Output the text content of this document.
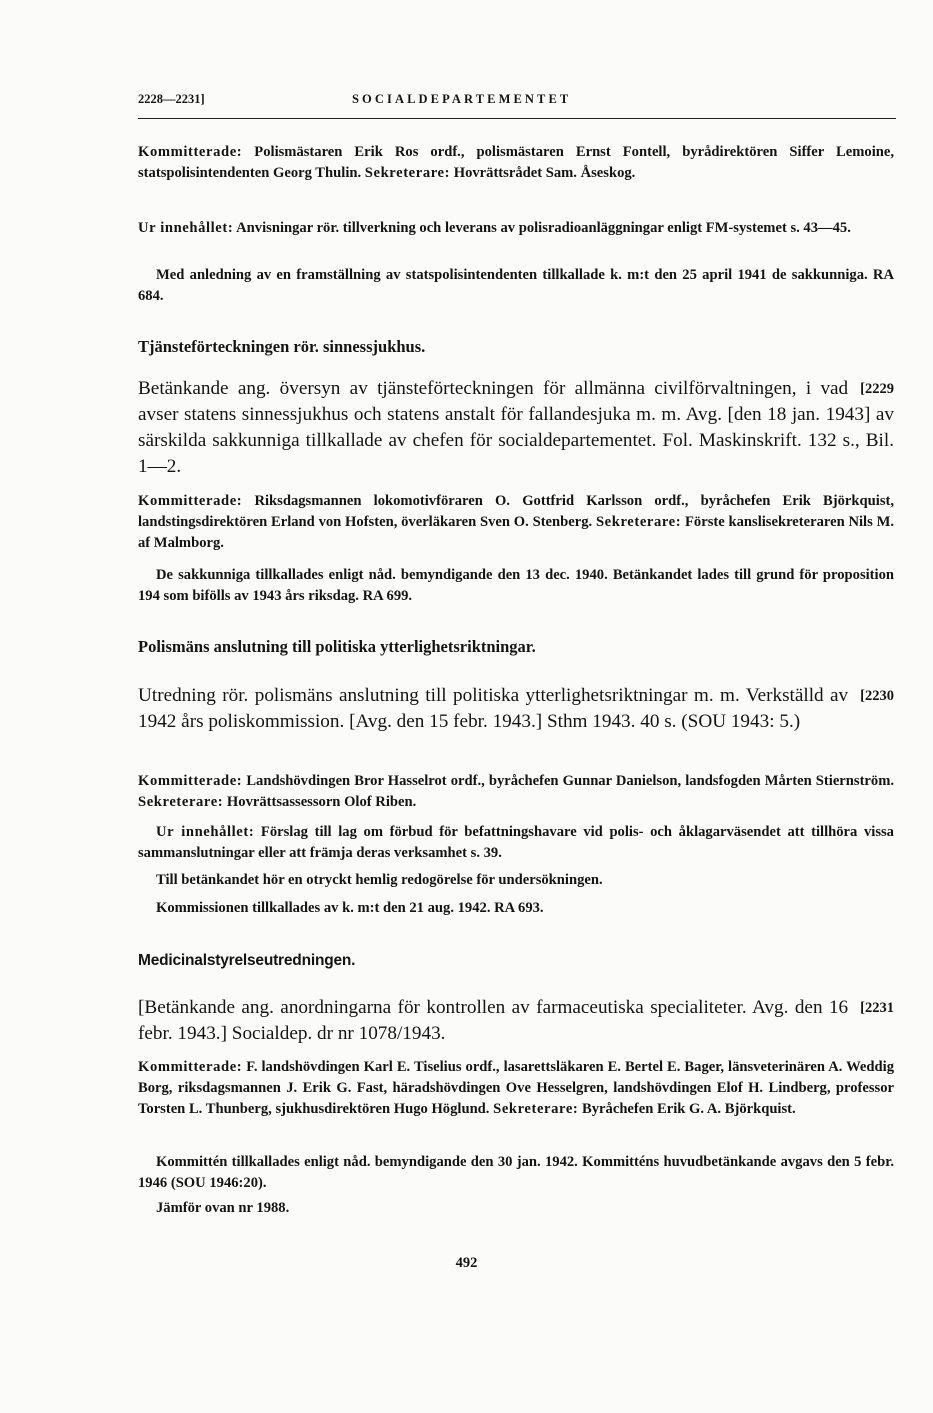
2228—2231]	SOCIALDEPARTEMENTET

Kommitterade: Polismästaren Erik Ros ordf., polismästaren Ernst Fontell, byrådirektören Siffer Lemoine, statspolisintendenten Georg Thulin. Sekreterare: Hovrättsrådet Sam. Åseskog.

Ur innehållet: Anvisningar rör. tillverkning och leverans av polisradioanläggningar enligt FM-systemet s. 43—45.

Med anledning av en framställning av statspolisintendenten tillkallade k. m:t den 25 april 1941 de sakkunniga. RA 684.

Tjänsteförteckningen rör. sinnessjukhus.

[2229
Betänkande ang. översyn av tjänsteförteckningen för allmänna civilförvaltningen, i vad avser statens sinnessjukhus och statens anstalt för fallandesjuka m. m. Avg. [den 18 jan. 1943] av särskilda sakkunniga tillkallade av chefen för socialdepartementet. Fol. Maskinskrift. 132 s., Bil. 1—2.

Kommitterade: Riksdagsmannen lokomotivföraren O. Gottfrid Karlsson ordf., byråchefen Erik Björkquist, landstingsdirektören Erland von Hofsten, överläkaren Sven O. Stenberg. Sekreterare: Förste kanslisekreteraren Nils M. af Malmborg.

De sakkunniga tillkallades enligt nåd. bemyndigande den 13 dec. 1940. Betänkandet lades till grund för proposition 194 som bifölls av 1943 års riksdag. RA 699.

Polismäns anslutning till politiska ytterlighetsriktningar.

[2230
Utredning rör. polismäns anslutning till politiska ytterlighetsriktningar m. m. Verkställd av 1942 års poliskommission. [Avg. den 15 febr. 1943.] Sthm 1943. 40 s. (SOU 1943: 5.)

Kommitterade: Landshövdingen Bror Hasselrot ordf., byråchefen Gunnar Danielson, landsfogden Mårten Stiernström. Sekreterare: Hovrättsassessorn Olof Riben.

Ur innehållet: Förslag till lag om förbud för befattningshavare vid polis- och åklagarväsendet att tillhöra vissa sammanslutningar eller att främja deras verksamhet s. 39.

Till betänkandet hör en otryckt hemlig redogörelse för undersökningen.

Kommissionen tillkallades av k. m:t den 21 aug. 1942. RA 693.

Medicinalstyrelseutredningen.

[2231
[Betänkande ang. anordningarna för kontrollen av farmaceutiska specialiteter. Avg. den 16 febr. 1943.] Socialdep. dr nr 1078/1943.

Kommitterade: F. landshövdingen Karl E. Tiselius ordf., lasarettsläkaren E. Bertel E. Bager, länsveterinären A. Weddig Borg, riksdagsmannen J. Erik G. Fast, häradshövdingen Ove Hesselgren, landshövdingen Elof H. Lindberg, professor Torsten L. Thunberg, sjukhusdirektören Hugo Höglund. Sekreterare: Byråchefen Erik G. A. Björkquist.

Kommittén tillkallades enligt nåd. bemyndigande den 30 jan. 1942. Kommitténs huvudbetänkande avgavs den 5 febr. 1946 (SOU 1946:20).

Jämför ovan nr 1988.

492
